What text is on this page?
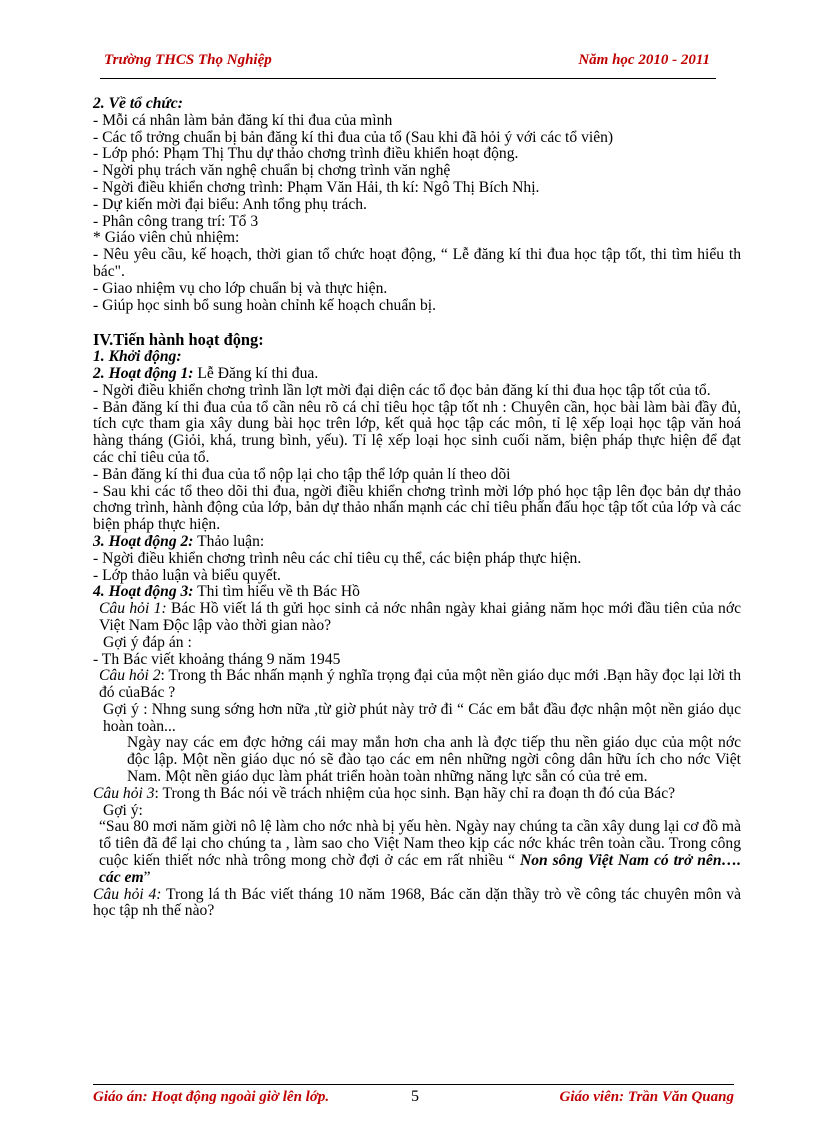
Trường THCS Thọ Nghiệp	Năm học 2010 - 2011
2. Về tổ chức:
- Mỗi cá nhân làm bản đăng kí thi đua của mình
- Các tổ trởng chuẩn bị bản đăng kí thi đua của tổ (Sau khi đã hỏi ý với các tổ viên)
- Lớp phó: Phạm Thị Thu dự thảo chơng trình điều khiển hoạt động.
- Ngời phụ trách văn nghệ chuẩn bị chơng trình văn nghệ
- Ngời điều khiển chơng trình: Phạm Văn Hải, th kí: Ngô Thị Bích Nhị.
- Dự kiến mời đại biểu: Anh tổng phụ trách.
- Phân công trang trí: Tổ 3
* Giáo viên chủ nhiệm:
- Nêu yêu cầu, kế hoạch, thời gian tổ chức hoạt động, “ Lễ đăng kí thi đua học tập tốt, thi tìm hiểu th bác".
- Giao nhiệm vụ cho lớp chuẩn bị và thực hiện.
- Giúp học sinh bổ sung hoàn chỉnh kế hoạch chuẩn bị.
IV.Tiến hành hoạt động:
1. Khởi động:
2. Hoạt động 1: Lễ Đăng kí thi đua.
- Ngời điều khiển chơng trình lần lợt mời đại diện các tổ đọc bản đăng kí thi đua học tập tốt của tổ.
- Bản đăng kí thi đua của tổ cần nêu rõ cá chỉ tiêu học tập tốt nh : Chuyên cần, học bài làm bài đầy đủ, tích cực tham gia xây dung bài học trên lớp, kết quả học tập các môn, tỉ lệ xếp loại học tập văn hoá hàng tháng (Giỏi, khá, trung bình, yếu). Tỉ lệ xếp loại học sinh cuối năm, biện pháp thực hiện để đạt các chỉ tiêu của tổ.
- Bản đăng kí thi đua của tổ nộp lại cho tập thể lớp quản lí theo dõi
- Sau khi các tổ theo dõi thi đua, ngời điều khiển chơng trình mời lớp phó học tập lên đọc bản dự thảo chơng trình, hành động của lớp, bản dự thảo nhấn mạnh các chỉ tiêu phấn đấu học tập tốt của lớp và các biện pháp thực hiện.
3. Hoạt động 2: Thảo luận:
- Ngời điều khiển chơng trình nêu các chỉ tiêu cụ thể, các biện pháp thực hiện.
- Lớp thảo luận và biểu quyết.
4. Hoạt động 3: Thi tìm hiểu về th Bác Hồ
Câu hỏi 1: Bác Hồ viết lá th gửi học sinh cả nớc nhân ngày khai giảng năm học mới đầu tiên của nớc Việt Nam Độc lập vào thời gian nào?
Gợi ý đáp án :
- Th Bác viết khoảng tháng 9 năm 1945
Câu hỏi 2: Trong th Bác nhấn mạnh ý nghĩa trọng đại của một nền giáo dục mới .Bạn hãy đọc lại lời th đó củaBác ?
Gợi ý : Nhng sung sớng hơn nữa ,từ giờ phút này trở đi “ Các em bắt đầu đợc nhận một nền giáo dục hoàn toàn...
Ngày nay các em đợc hởng cái may mắn hơn cha anh là đợc tiếp thu nền giáo dục của một nớc độc lập. Một nền giáo dục nó sẽ đào tạo các em nên những ngời công dân hữu ích cho nớc Việt Nam. Một nền giáo dục làm phát triển hoàn toàn những năng lực sẵn có của trẻ em.
Câu hỏi 3: Trong th Bác nói về trách nhiệm của học sinh. Bạn hãy chỉ ra đoạn th đó của Bác?
Gợi ý:
“Sau 80 mơi năm giời nô lệ làm cho nớc nhà bị yếu hèn. Ngày nay chúng ta cần xây dung lại cơ đồ mà tổ tiên đã để lại cho chúng ta , làm sao cho Việt Nam theo kịp các nớc khác trên toàn cầu. Trong công cuộc kiến thiết nớc nhà trông mong chờ đợi ở các em rất nhiều “ Non sông Việt Nam có trở nên…. các em”
Câu hỏi 4: Trong lá th Bác viết tháng 10 năm 1968, Bác căn dặn thầy trò về công tác chuyên môn và học tập nh thế nào?
Giáo án: Hoạt động ngoài giờ lên lớp.	5	Giáo viên: Trần Văn Quang
